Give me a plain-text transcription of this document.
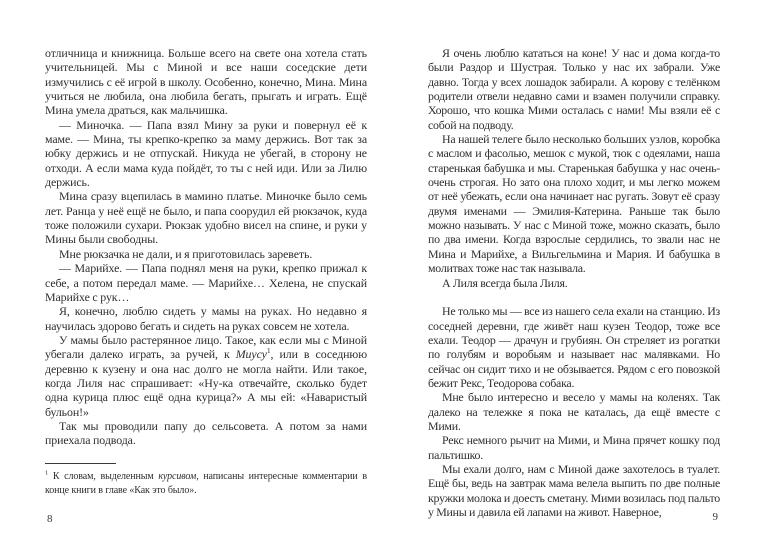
отличница и книжница. Больше всего на свете она хотела стать учительницей. Мы с Миной и все наши соседские дети измучились с её игрой в школу. Особенно, конечно, Мина. Мина учиться не любила, она любила бегать, прыгать и играть. Ещё Мина умела драться, как мальчишка.

— Миночка. — Папа взял Мину за руки и повернул её к маме. — Мина, ты крепко-крепко за маму держись. Вот так за юбку держись и не отпускай. Никуда не убегай, в сторону не отходи. А если мама куда пойдёт, то ты с ней иди. Или за Лилю держись.

Мина сразу вцепилась в мамино платье. Миночке было семь лет. Ранца у неё ещё не было, и папа соорудил ей рюкзачок, куда тоже положили сухари. Рюкзак удобно висел на спине, и руки у Мины были свободны.

Мне рюкзачка не дали, и я приготовилась зареветь.

— Марийхе. — Папа поднял меня на руки, крепко прижал к себе, а потом передал маме. — Марийхе… Хелена, не спускай Марийхе с рук…

Я, конечно, люблю сидеть у мамы на руках. Но недавно я научилась здорово бегать и сидеть на руках совсем не хотела.

У мамы было растерянное лицо. Такое, как если мы с Миной убегали далеко играть, за ручей, к Миусу$^1$, или в соседнюю деревню к кузену и она нас долго не могла найти. Или такое, когда Лиля нас спрашивает: «Ну-ка отвечайте, сколько будет одна курица плюс ещё одна курица?» А мы ей: «Наваристый бульон!»

Так мы проводили папу до сельсовета. А потом за нами приехала подвода.

$^1$ К словам, выделенным курсивом, написаны интересные комментарии в конце книги в главе «Как это было».

Я очень люблю кататься на коне! У нас и дома когда-то были Раздор и Шустрая. Только у нас их забрали. Уже давно. Тогда у всех лошадок забирали. А корову с телёнком родители отвели недавно сами и взамен получили справку. Хорошо, что кошка Мими осталась с нами! Мы взяли её с собой на подводу.

На нашей телеге было несколько больших узлов, коробка с маслом и фасолью, мешок с мукой, тюк с одеялами, наша старенькая бабушка и мы. Старенькая бабушка у нас очень-очень строгая. Но зато она плохо ходит, и мы легко можем от неё убежать, если она начинает нас ругать. Зовут её сразу двумя именами — Эмилия-Катерина. Раньше так было можно называть. У нас с Миной тоже, можно сказать, было по два имени. Когда взрослые сердились, то звали нас не Мина и Марийхе, а Вильгельмина и Мария. И бабушка в молитвах тоже нас так называла.

А Лиля всегда была Лиля.

Не только мы — все из нашего села ехали на станцию. Из соседней деревни, где живёт наш кузен Теодор, тоже все ехали. Теодор — драчун и грубиян. Он стреляет из рогатки по голубям и воробьям и называет нас малявками. Но сейчас он сидит тихо и не обзывается. Рядом с его повозкой бежит Рекс, Теодорова собака.

Мне было интересно и весело у мамы на коленях. Так далеко на тележке я пока не каталась, да ещё вместе с Мими.

Рекс немного рычит на Мими, и Мина прячет кошку под пальтишко.

Мы ехали долго, нам с Миной даже захотелось в туалет. Ещё бы, ведь на завтрак мама велела выпить по две полные кружки молока и доесть сметану. Мими возилась под пальто у Мины и давила ей лапами на живот. Наверное,

8	9
